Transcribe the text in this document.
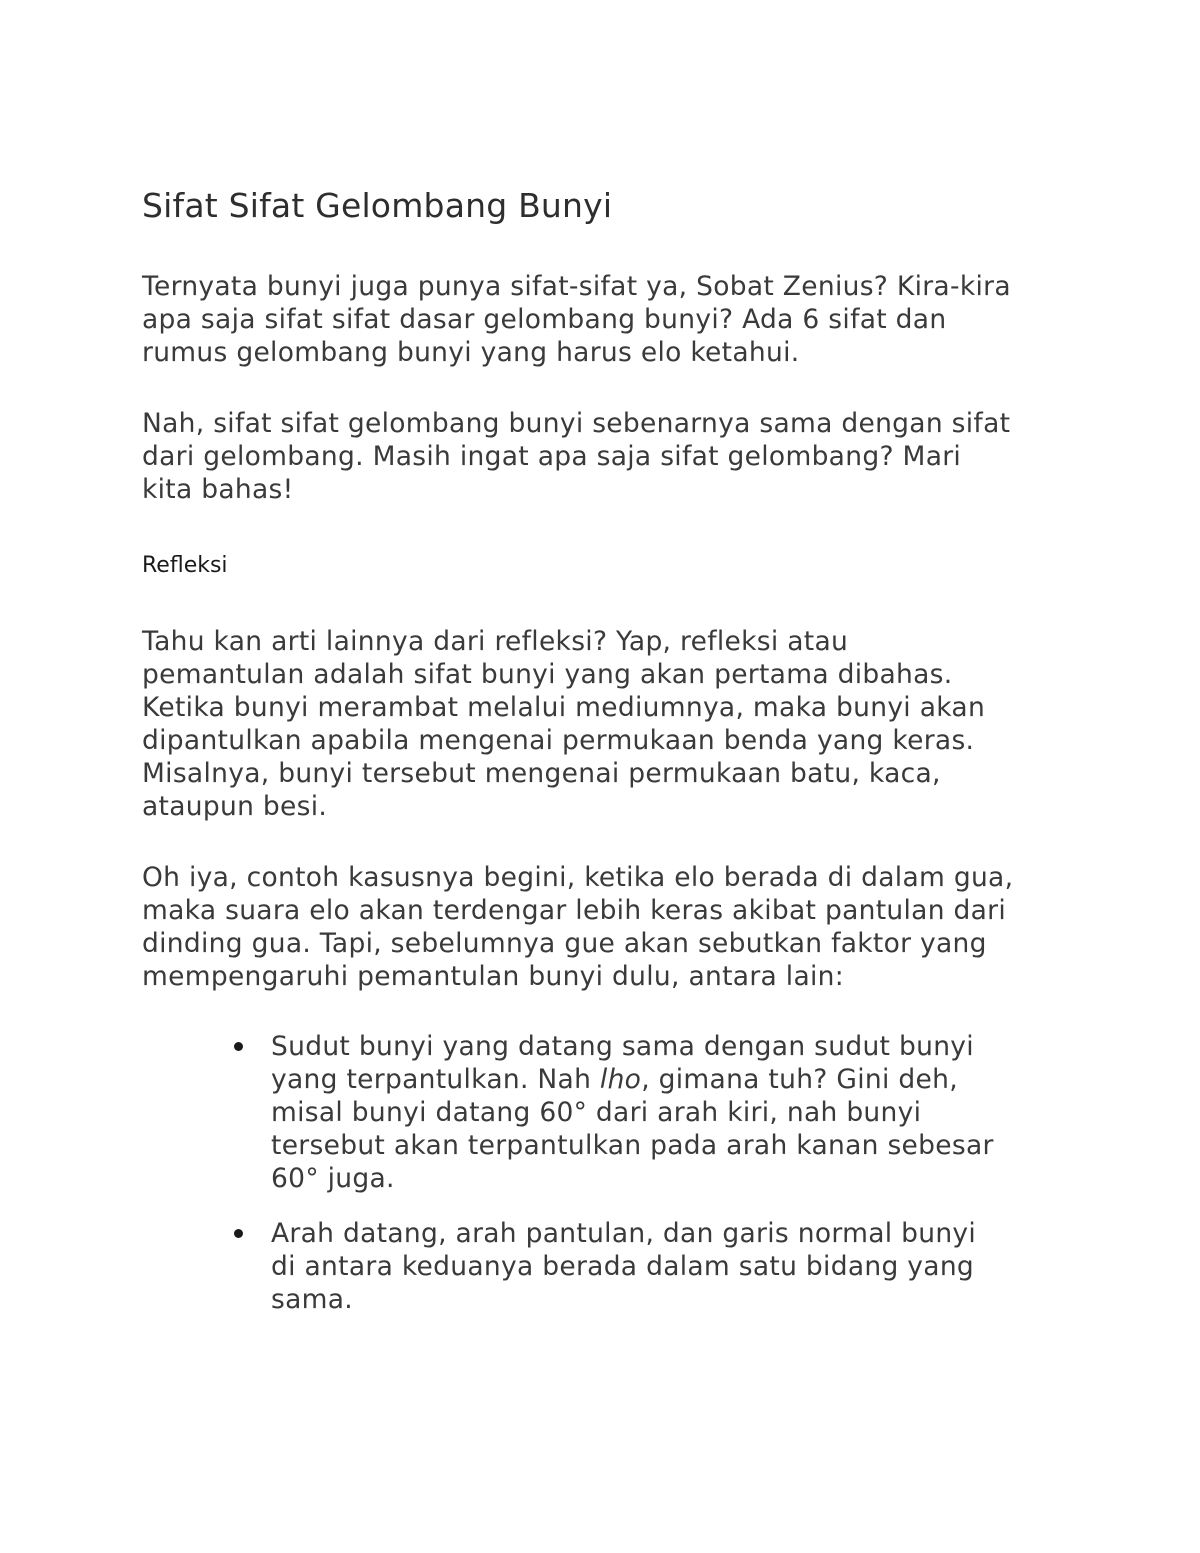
Sifat Sifat Gelombang Bunyi

Ternyata bunyi juga punya sifat-sifat ya, Sobat Zenius? Kira-kira
apa saja sifat sifat dasar gelombang bunyi? Ada 6 sifat dan
rumus gelombang bunyi yang harus elo ketahui.

Nah, sifat sifat gelombang bunyi sebenarnya sama dengan sifat
dari gelombang. Masih ingat apa saja sifat gelombang? Mari
kita bahas!

Refleksi

Tahu kan arti lainnya dari refleksi? Yap, refleksi atau
pemantulan adalah sifat bunyi yang akan pertama dibahas.
Ketika bunyi merambat melalui mediumnya, maka bunyi akan
dipantulkan apabila mengenai permukaan benda yang keras.
Misalnya, bunyi tersebut mengenai permukaan batu, kaca,
ataupun besi.

Oh iya, contoh kasusnya begini, ketika elo berada di dalam gua,
maka suara elo akan terdengar lebih keras akibat pantulan dari
dinding gua. Tapi, sebelumnya gue akan sebutkan faktor yang
mempengaruhi pemantulan bunyi dulu, antara lain:

Sudut bunyi yang datang sama dengan sudut bunyi
yang terpantulkan. Nah lho, gimana tuh? Gini deh,
misal bunyi datang 60° dari arah kiri, nah bunyi
tersebut akan terpantulkan pada arah kanan sebesar
60° juga.
Arah datang, arah pantulan, dan garis normal bunyi
di antara keduanya berada dalam satu bidang yang
sama.
